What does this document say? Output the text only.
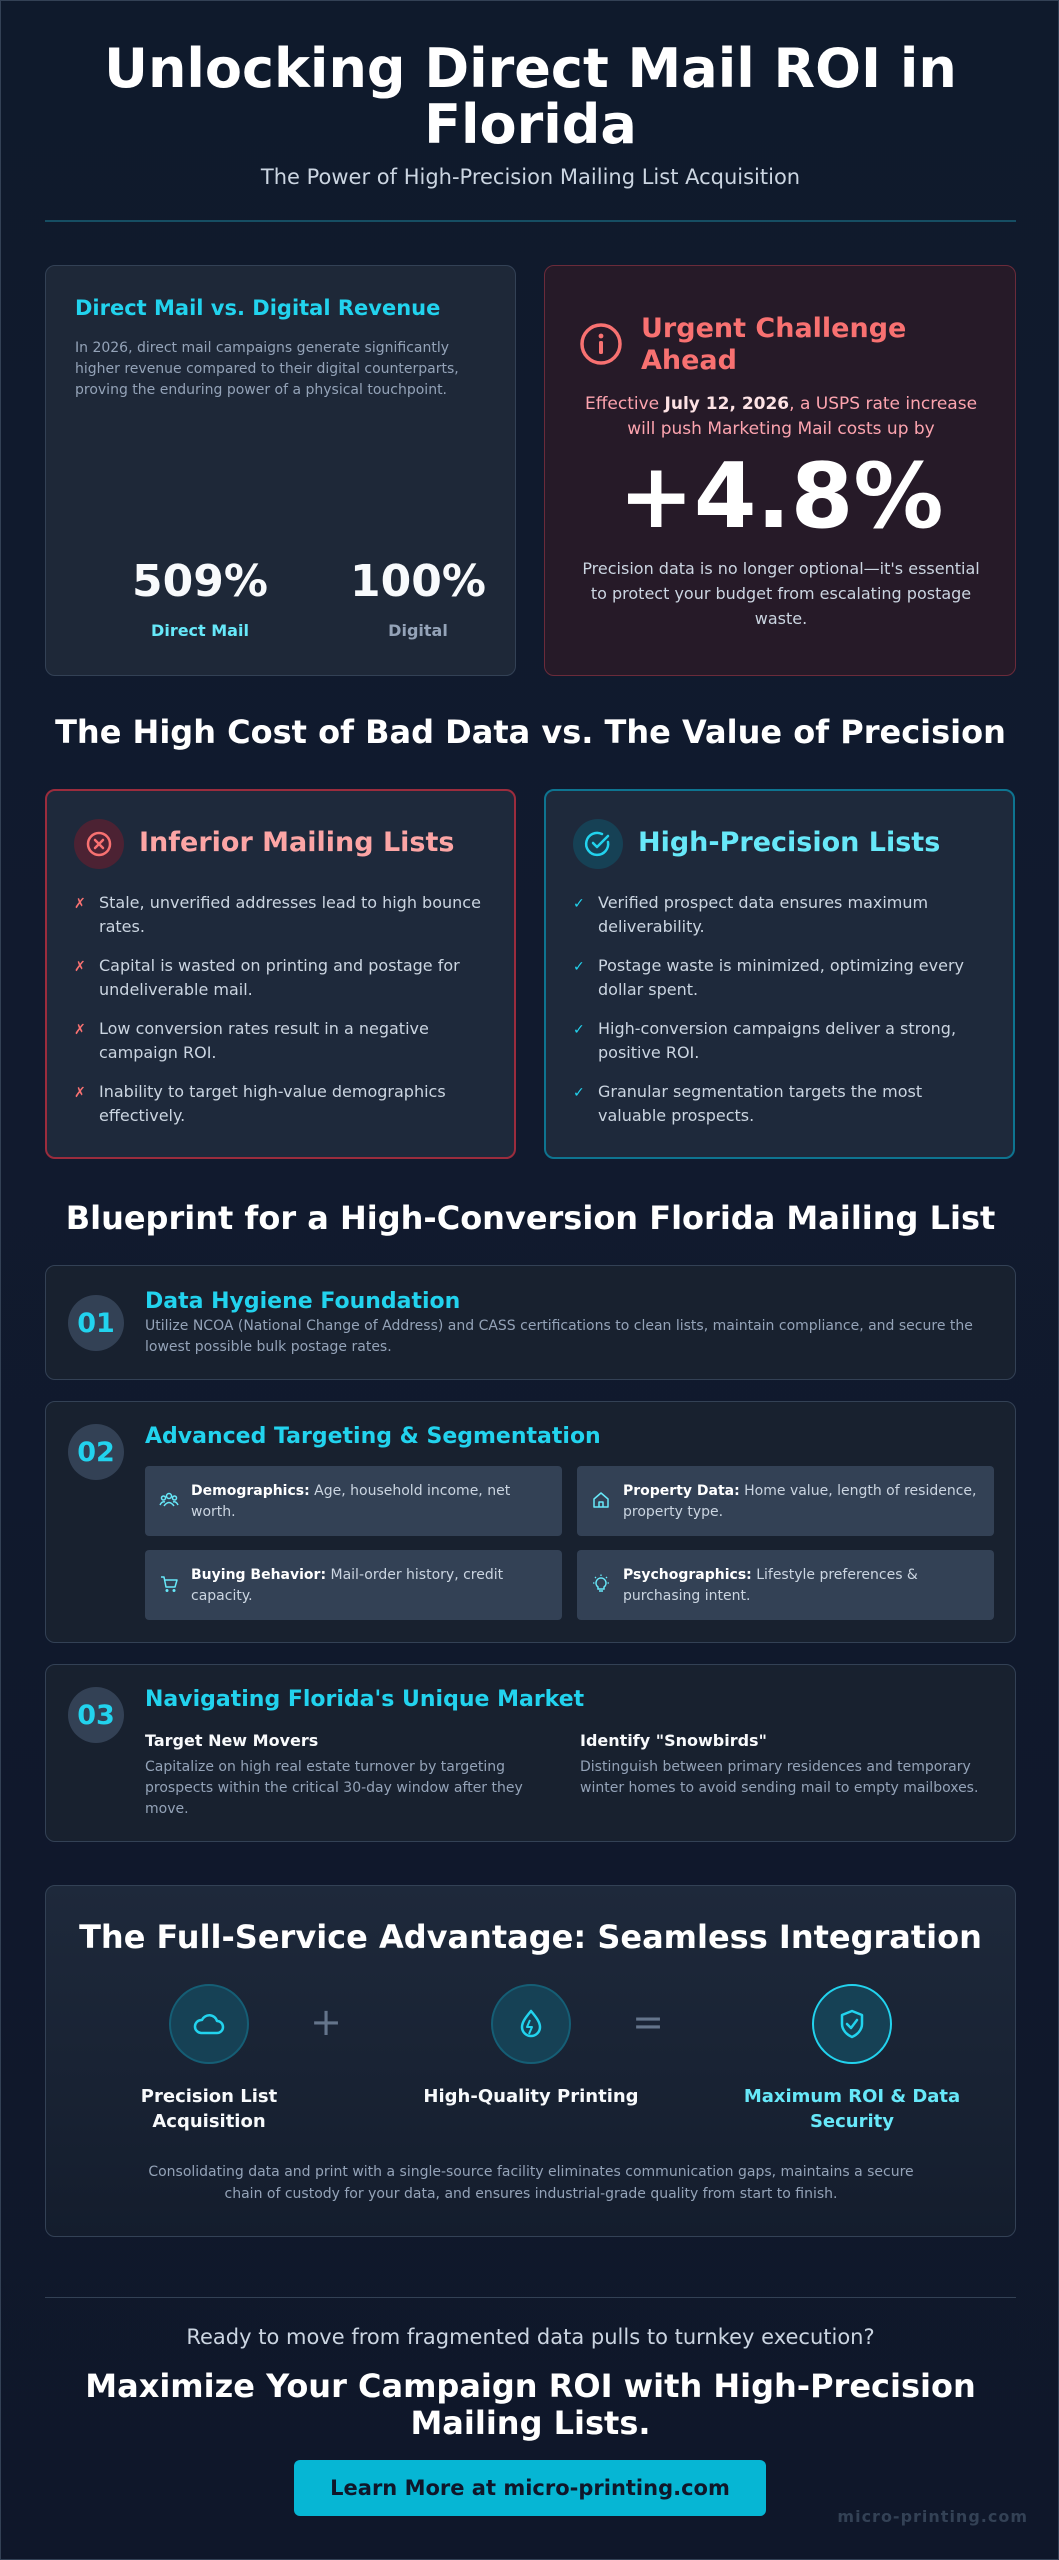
Unlocking Direct Mail ROI in Florida
The Power of High-Precision Mailing List Acquisition
Direct Mail vs. Digital Revenue
In 2026, direct mail campaigns generate significantly higher revenue compared to their digital counterparts, proving the enduring power of a physical touchpoint.
509%
Direct Mail
100%
Digital
Urgent Challenge Ahead
Effective July 12, 2026, a USPS rate increase will push Marketing Mail costs up by
+4.8%
Precision data is no longer optional—it's essential to protect your budget from escalating postage waste.
The High Cost of Bad Data vs. The Value of Precision
Inferior Mailing Lists
✗ Stale, unverified addresses lead to high bounce rates.
✗ Capital is wasted on printing and postage for undeliverable mail.
✗ Low conversion rates result in a negative campaign ROI.
✗ Inability to target high-value demographics effectively.
High-Precision Lists
✓ Verified prospect data ensures maximum deliverability.
✓ Postage waste is minimized, optimizing every dollar spent.
✓ High-conversion campaigns deliver a strong, positive ROI.
✓ Granular segmentation targets the most valuable prospects.
Blueprint for a High-Conversion Florida Mailing List
01
Data Hygiene Foundation
Utilize NCOA (National Change of Address) and CASS certifications to clean lists, maintain compliance, and secure the lowest possible bulk postage rates.
02	Advanced Targeting & Segmentation
Demographics: Age, household income, net worth.
Property Data: Home value, length of residence, property type.
Buying Behavior: Mail-order history, credit capacity.
Psychographics: Lifestyle preferences & purchasing intent.
03	Navigating Florida's Unique Market
Target New Movers
Capitalize on high real estate turnover by targeting prospects within the critical 30-day window after they move.
Identify "Snowbirds"
Distinguish between primary residences and temporary winter homes to avoid sending mail to empty mailboxes.
The Full-Service Advantage: Seamless Integration
Precision List Acquisition
+
High-Quality Printing
=
Maximum ROI & Data Security
Consolidating data and print with a single-source facility eliminates communication gaps, maintains a secure chain of custody for your data, and ensures industrial-grade quality from start to finish.
Ready to move from fragmented data pulls to turnkey execution?
Maximize Your Campaign ROI with High-Precision Mailing Lists.
Learn More at micro-printing.com
micro-printing.com
